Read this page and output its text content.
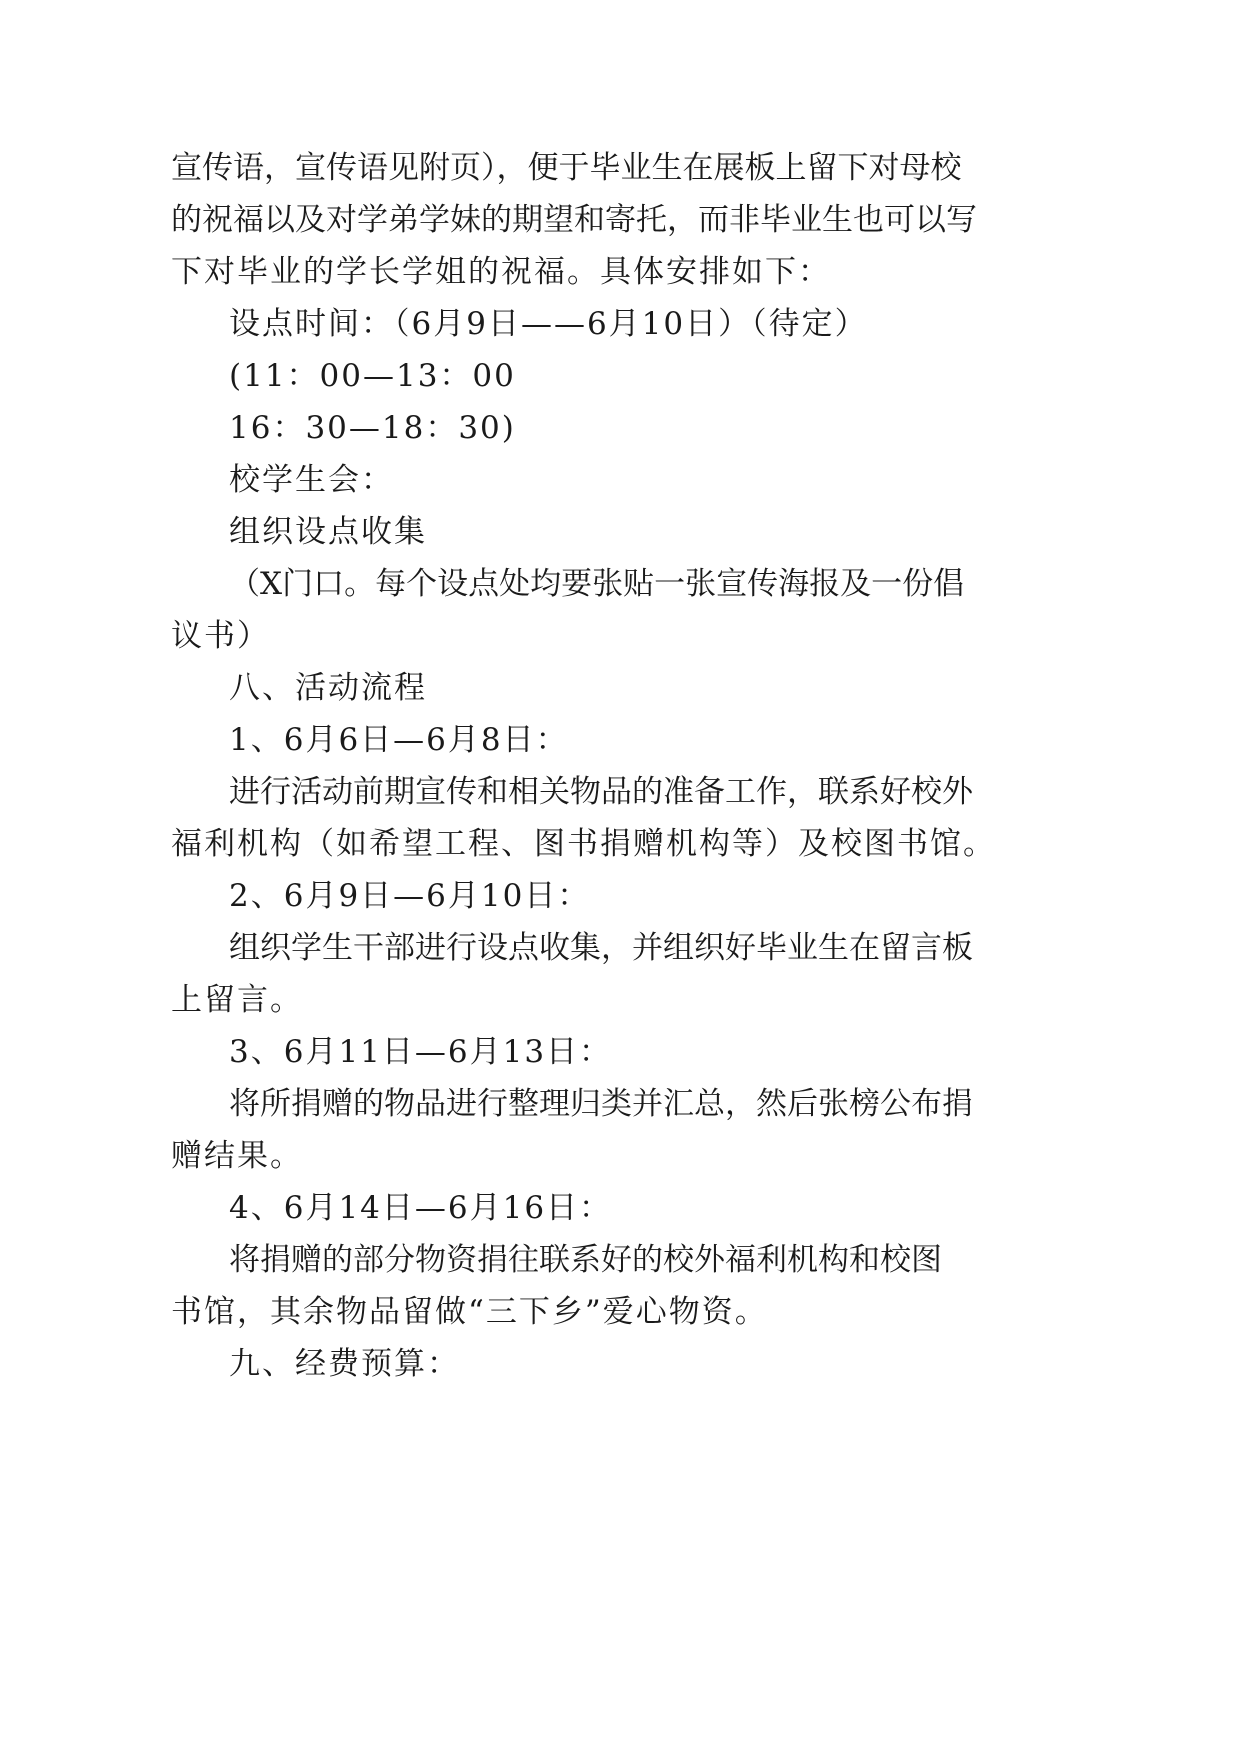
宣传语，宣传语见附页），便于毕业生在展板上留下对母校
的祝福以及对学弟学妹的期望和寄托，而非毕业生也可以写
下对毕业的学长学姐的祝福。具体安排如下：
设点时间：（6月9日——6月10日）（待定）
(11：00—13：00
16：30—18：30)
校学生会：
组织设点收集
（X门口。每个设点处均要张贴一张宣传海报及一份倡
议书）
八、活动流程
1、6月6日—6月8日：
进行活动前期宣传和相关物品的准备工作，联系好校外
福利机构（如希望工程、图书捐赠机构等）及校图书馆。
2、6月9日—6月10日：
组织学生干部进行设点收集，并组织好毕业生在留言板
上留言。
3、6月11日—6月13日：
将所捐赠的物品进行整理归类并汇总，然后张榜公布捐
赠结果。
4、6月14日—6月16日：
将捐赠的部分物资捐往联系好的校外福利机构和校图
书馆，其余物品留做“三下乡”爱心物资。
九、经费预算：
